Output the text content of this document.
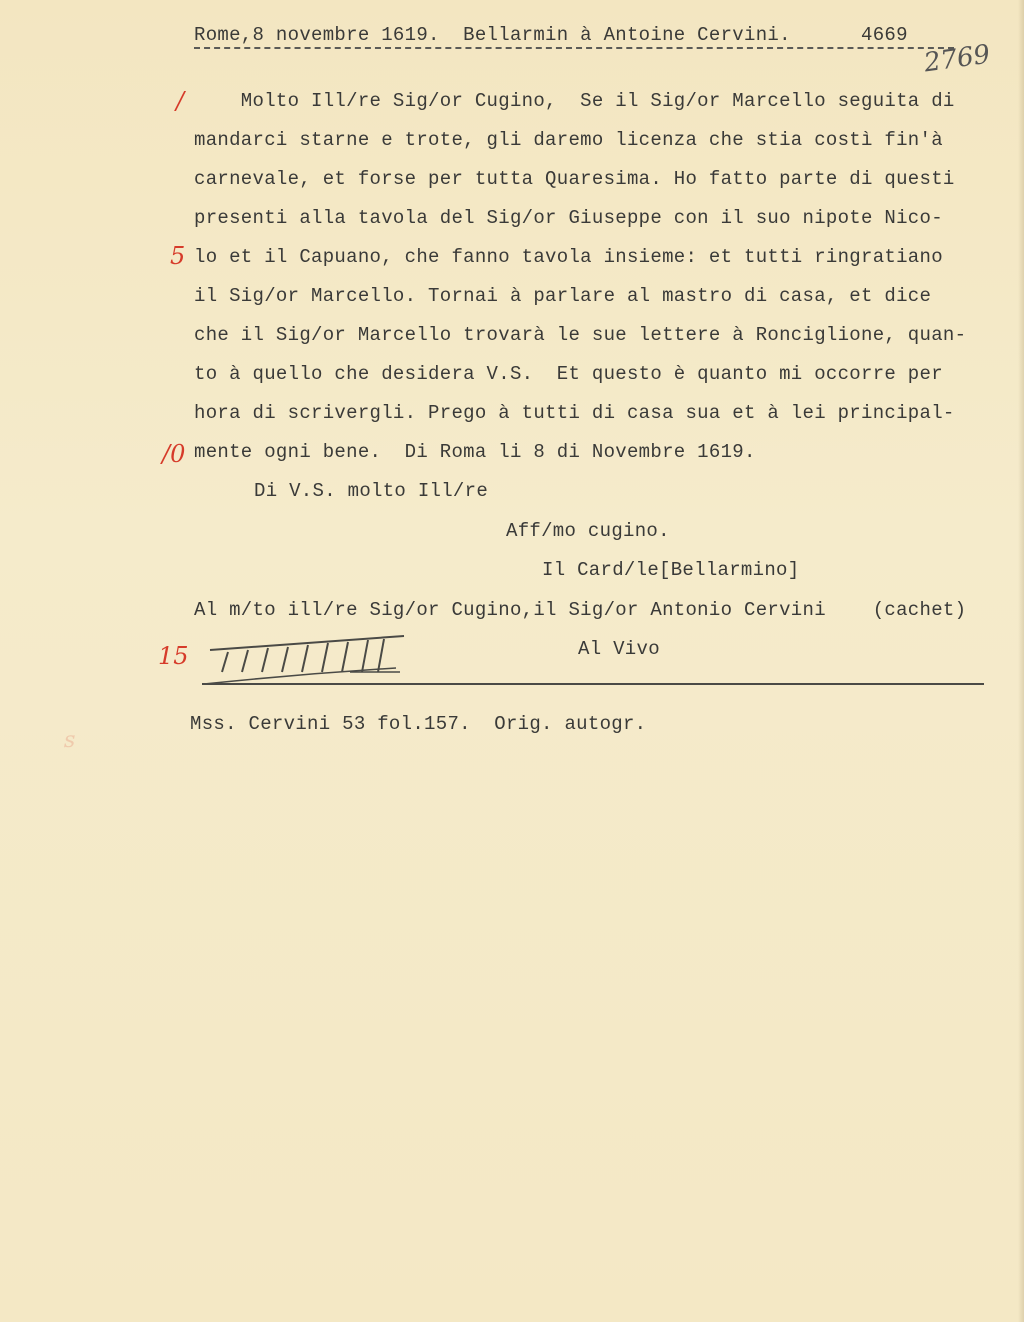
Rome,8 novembre 1619.  Bellarmin à Antoine Cervini.      4669
2769
/
5
/0
15
Molto Ill/re Sig/or Cugino,  Se il Sig/or Marcello seguita di
mandarci starne e trote, gli daremo licenza che stia costì fin'à
carnevale, et forse per tutta Quaresima. Ho fatto parte di questi
presenti alla tavola del Sig/or Giuseppe con il suo nipote Nico-
lo et il Capuano, che fanno tavola insieme: et tutti ringratiano
il Sig/or Marcello. Tornai à parlare al mastro di casa, et dice
che il Sig/or Marcello trovarà le sue lettere à Ronciglione, quan-
to à quello che desidera V.S.  Et questo è quanto mi occorre per
hora di scrivergli. Prego à tutti di casa sua et à lei principal-
mente ogni bene.  Di Roma li 8 di Novembre 1619.
Di V.S. molto Ill/re
Aff/mo cugino.
Il Card/le[Bellarmino]
Al m/to ill/re Sig/or Cugino,il Sig/or Antonio Cervini    (cachet)
Al Vivo
Mss. Cervini 53 fol.157.  Orig. autogr.
ꜱ
